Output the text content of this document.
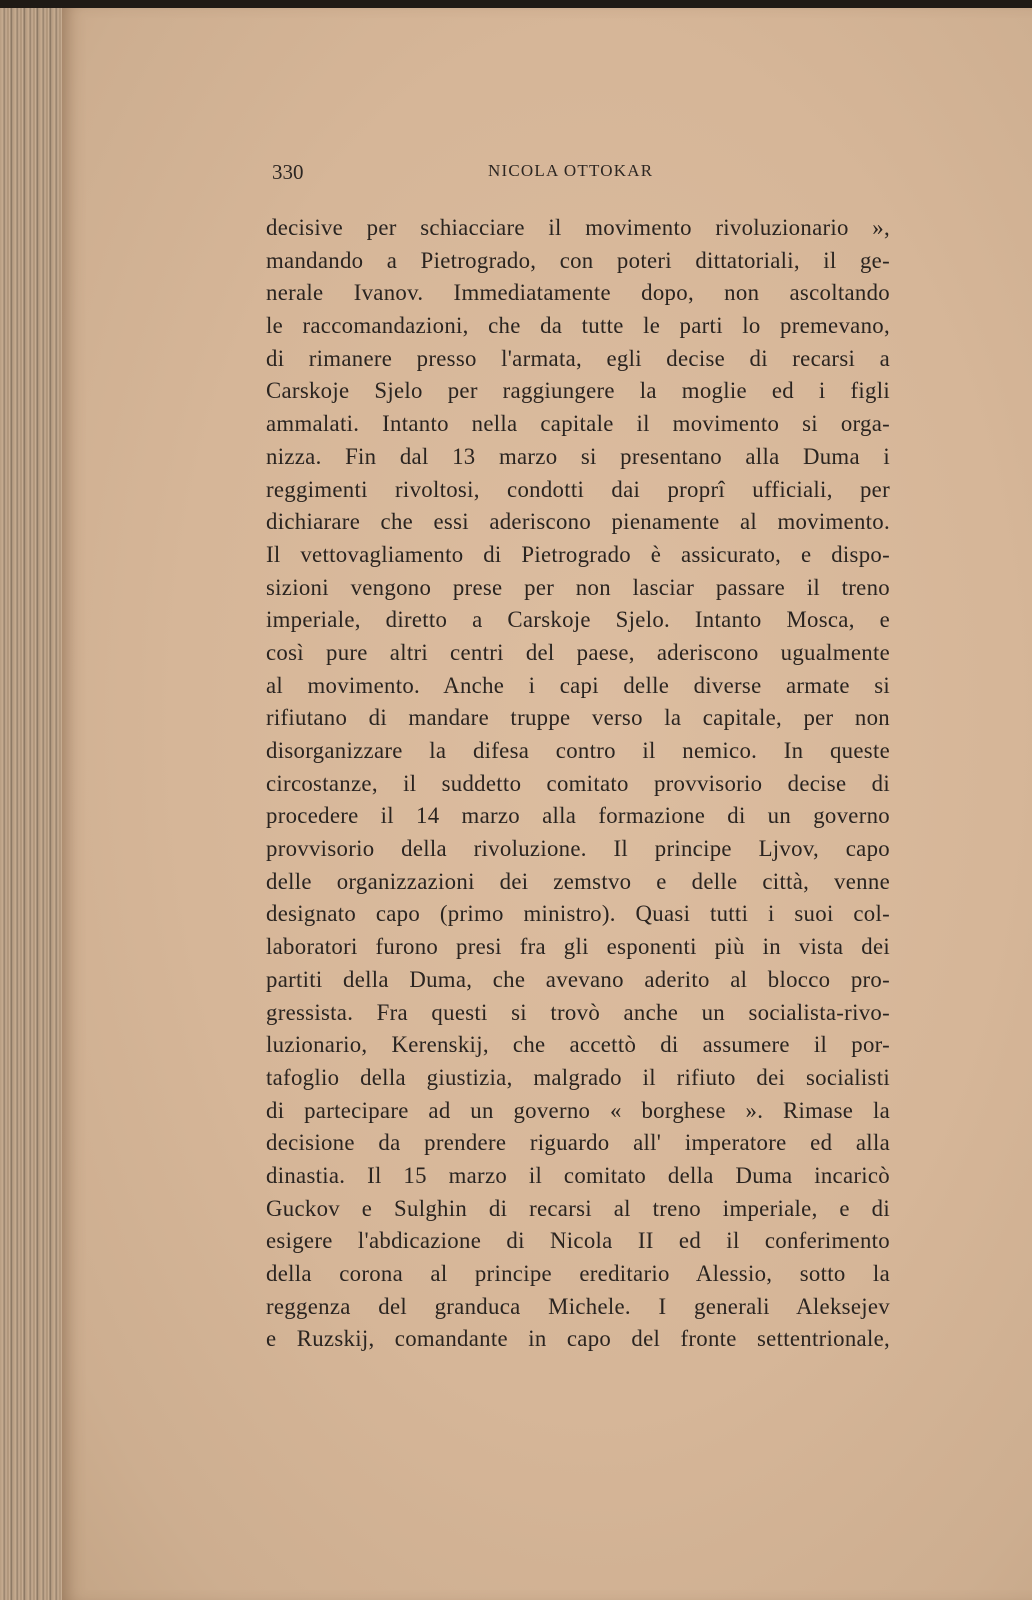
330	NICOLA OTTOKAR
decisive per schiacciare il movimento rivoluzionario »,
mandando a Pietrogrado, con poteri dittatoriali, il ge-
nerale Ivanov. Immediatamente dopo, non ascoltando
le raccomandazioni, che da tutte le parti lo premevano,
di rimanere presso l'armata, egli decise di recarsi a
Carskoje Sjelo per raggiungere la moglie ed i figli
ammalati. Intanto nella capitale il movimento si orga-
nizza. Fin dal 13 marzo si presentano alla Duma i
reggimenti rivoltosi, condotti dai proprî ufficiali, per
dichiarare che essi aderiscono pienamente al movimento.
Il vettovagliamento di Pietrogrado è assicurato, e dispo-
sizioni vengono prese per non lasciar passare il treno
imperiale, diretto a Carskoje Sjelo. Intanto Mosca, e
così pure altri centri del paese, aderiscono ugualmente
al movimento. Anche i capi delle diverse armate si
rifiutano di mandare truppe verso la capitale, per non
disorganizzare la difesa contro il nemico. In queste
circostanze, il suddetto comitato provvisorio decise di
procedere il 14 marzo alla formazione di un governo
provvisorio della rivoluzione. Il principe Ljvov, capo
delle organizzazioni dei zemstvo e delle città, venne
designato capo (primo ministro). Quasi tutti i suoi col-
laboratori furono presi fra gli esponenti più in vista dei
partiti della Duma, che avevano aderito al blocco pro-
gressista. Fra questi si trovò anche un socialista-rivo-
luzionario, Kerenskij, che accettò di assumere il por-
tafoglio della giustizia, malgrado il rifiuto dei socialisti
di partecipare ad un governo « borghese ». Rimase la
decisione da prendere riguardo all' imperatore ed alla
dinastia. Il 15 marzo il comitato della Duma incaricò
Guckov e Sulghin di recarsi al treno imperiale, e di
esigere l'abdicazione di Nicola II ed il conferimento
della corona al principe ereditario Alessio, sotto la
reggenza del granduca Michele. I generali Aleksejev
e Ruzskij, comandante in capo del fronte settentrionale,
